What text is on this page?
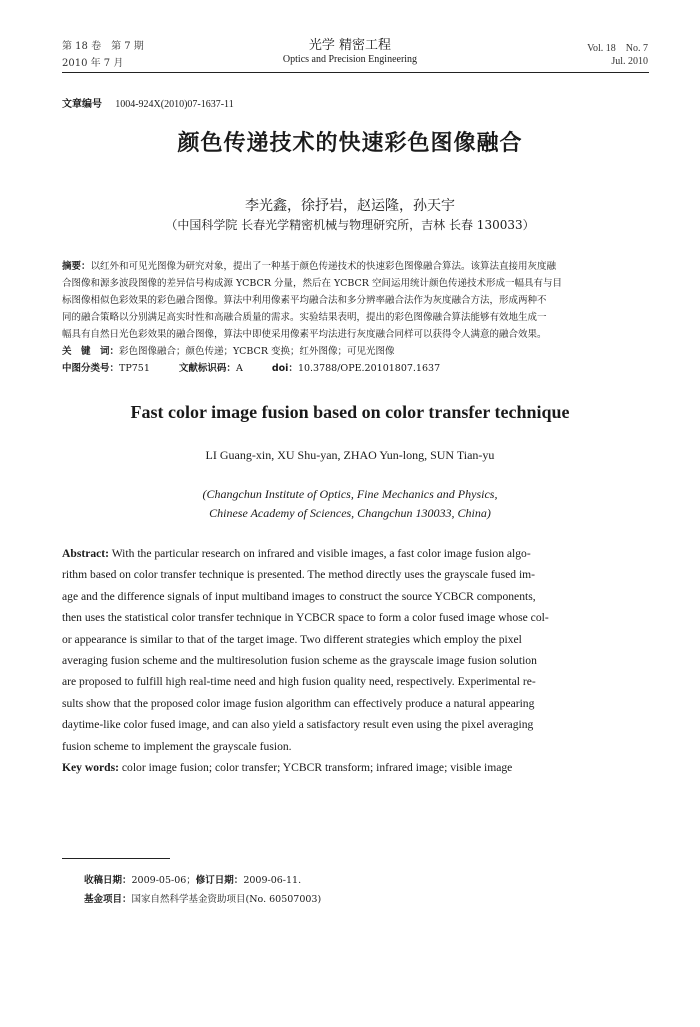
第 18 卷　第 7 期
2010 年 7 月
光学 精密工程
Optics and Precision Engineering
Vol. 18　No. 7
Jul. 2010
文章编号 1004-924X(2010)07-1637-11
颜色传递技术的快速彩色图像融合
李光鑫，徐抒岩，赵运隆，孙天宇
（中国科学院 长春光学精密机械与物理研究所，吉林 长春 130033）
摘要：以红外和可见光图像为研究对象，提出了一种基于颜色传递技术的快速彩色图像融合算法。该算法直接用灰度融
合图像和源多波段图像的差异信号构成源 YCBCR 分量，然后在 YCBCR 空间运用统计颜色传递技术形成一幅具有与目
标图像相似色彩效果的彩色融合图像。算法中利用像素平均融合法和多分辨率融合法作为灰度融合方法，形成两种不
同的融合策略以分别满足高实时性和高融合质量的需求。实验结果表明，提出的彩色图像融合算法能够有效地生成一
幅具有自然日光色彩效果的融合图像，算法中即使采用像素平均法进行灰度融合同样可以获得令人满意的融合效果。
关　键　词：彩色图像融合；颜色传递；YCBCR 变换；红外图像；可见光图像
中图分类号：TP751	文献标识码：A	doi：10.3788/OPE.20101807.1637
Fast color image fusion based on color transfer technique
LI Guang-xin, XU Shu-yan, ZHAO Yun-long, SUN Tian-yu
(Changchun Institute of Optics, Fine Mechanics and Physics,
Chinese Academy of Sciences, Changchun 130033, China)
Abstract: With the particular research on infrared and visible images, a fast color image fusion algo-
rithm based on color transfer technique is presented. The method directly uses the grayscale fused im-
age and the difference signals of input multiband images to construct the source YCBCR components,
then uses the statistical color transfer technique in YCBCR space to form a color fused image whose col-
or appearance is similar to that of the target image. Two different strategies which employ the pixel
averaging fusion scheme and the multiresolution fusion scheme as the grayscale image fusion solution
are proposed to fulfill high real-time need and high fusion quality need, respectively. Experimental re-
sults show that the proposed color image fusion algorithm can effectively produce a natural appearing
daytime-like color fused image, and can also yield a satisfactory result even using the pixel averaging
fusion scheme to implement the grayscale fusion.
Key words: color image fusion; color transfer; YCBCR transform; infrared image; visible image
收稿日期：2009-05-06；修订日期：2009-06-11.
基金项目：国家自然科学基金资助项目(No. 60507003)
